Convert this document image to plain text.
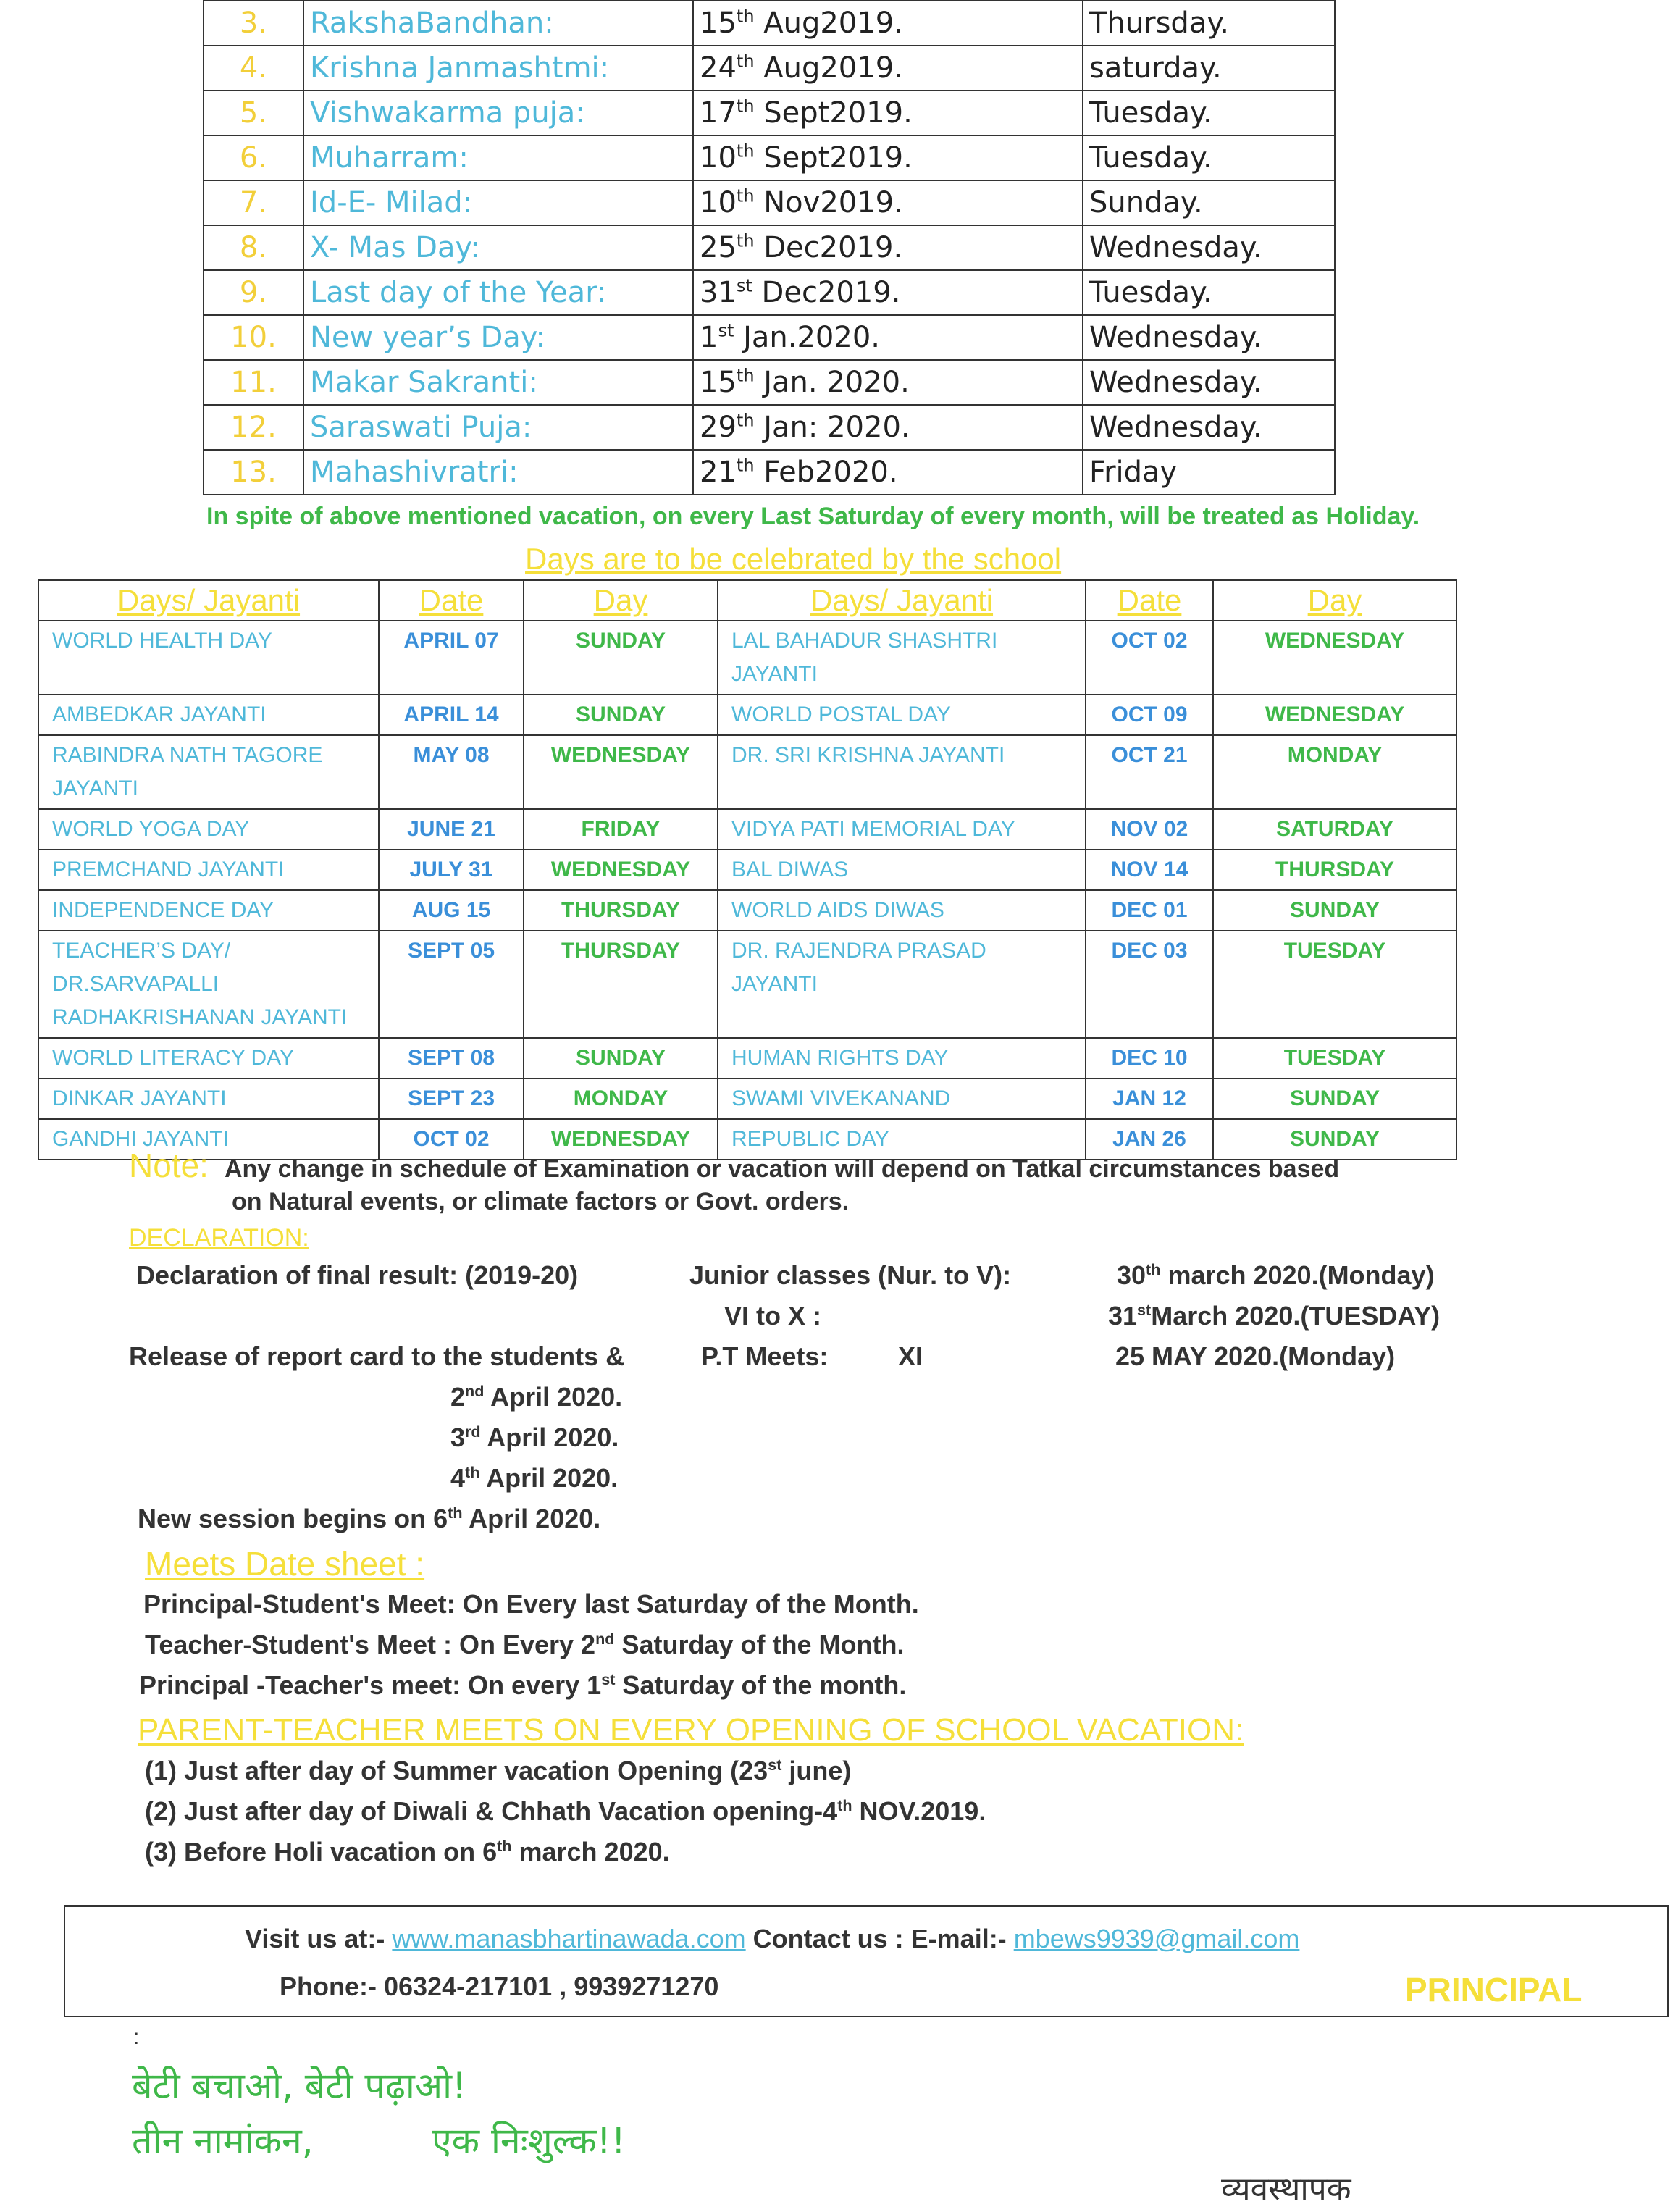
3.	RakshaBandhan:	15th Aug2019.	Thursday.
4.	Krishna Janmashtmi:	24th Aug2019.	saturday.
5.	Vishwakarma puja:	17th Sept2019.	Tuesday.
6.	Muharram:	10th Sept2019.	Tuesday.
7.	Id-E- Milad:	10th Nov2019.	Sunday.
8.	X- Mas Day:	25th Dec2019.	Wednesday.
9.	Last day of the Year:	31st Dec2019.	Tuesday.
10.	New year’s Day:	1st Jan.2020.	Wednesday.
11.	Makar Sakranti:	15th Jan. 2020.	Wednesday.
12.	Saraswati Puja:	29th Jan: 2020.	Wednesday.
13.	Mahashivratri:	21th Feb2020.	Friday
In spite of above mentioned vacation, on every Last Saturday of every month, will be treated as Holiday.
Days are to be celebrated by the school
Days/ Jayanti	Date	Day	Days/ Jayanti	Date	Day
WORLD HEALTH DAY	APRIL 07	SUNDAY	LAL BAHADUR SHASHTRI JAYANTI	OCT 02	WEDNESDAY
AMBEDKAR JAYANTI	APRIL 14	SUNDAY	WORLD POSTAL DAY	OCT 09	WEDNESDAY
RABINDRA NATH TAGORE JAYANTI	MAY 08	WEDNESDAY	DR. SRI KRISHNA JAYANTI	OCT 21	MONDAY
WORLD YOGA DAY	JUNE 21	FRIDAY	VIDYA PATI MEMORIAL DAY	NOV 02	SATURDAY
PREMCHAND JAYANTI	JULY 31	WEDNESDAY	BAL DIWAS	NOV 14	THURSDAY
INDEPENDENCE DAY	AUG 15	THURSDAY	WORLD AIDS DIWAS	DEC 01	SUNDAY
TEACHER’S DAY/ DR.SARVAPALLI RADHAKRISHANAN JAYANTI	SEPT 05	THURSDAY	DR. RAJENDRA PRASAD JAYANTI	DEC 03	TUESDAY
WORLD LITERACY DAY	SEPT 08	SUNDAY	HUMAN RIGHTS DAY	DEC 10	TUESDAY
DINKAR JAYANTI	SEPT 23	MONDAY	SWAMI VIVEKANAND	JAN 12	SUNDAY
GANDHI JAYANTI	OCT 02	WEDNESDAY	REPUBLIC DAY	JAN 26	SUNDAY
Note: Any change in schedule of Examination or vacation will depend on Tatkal circumstances based
on Natural events, or climate factors or Govt. orders.
DECLARATION:
Declaration of final result: (2019-20)	Junior classes (Nur. to V):	30th march 2020.(Monday)
VI to X :	31stMarch 2020.(TUESDAY)
Release of report card to the students &	P.T Meets:	XI	25 MAY 2020.(Monday)
2nd April 2020.
3rd April 2020.
4th April 2020.
New session begins on 6th April 2020.
Meets Date sheet :
Principal-Student's Meet: On Every last Saturday of the Month.
Teacher-Student's Meet : On Every 2nd Saturday of the Month.
Principal -Teacher's meet: On every 1st Saturday of the month.
PARENT-TEACHER MEETS ON EVERY OPENING OF SCHOOL VACATION:
(1) Just after day of Summer vacation Opening (23st june)
(2) Just after day of Diwali & Chhath Vacation opening-4th NOV.2019.
(3) Before Holi vacation on 6th march 2020.
Visit us at:- www.manasbhartinawada.com Contact us : E-mail:- mbews9939@gmail.com
Phone:- 06324-217101 , 9939271270	PRINCIPAL
:
बेटी बचाओ, बेटी पढ़ाओ!
तीन नामांकन,	एक निःशुल्क!!
व्यवस्थापक
